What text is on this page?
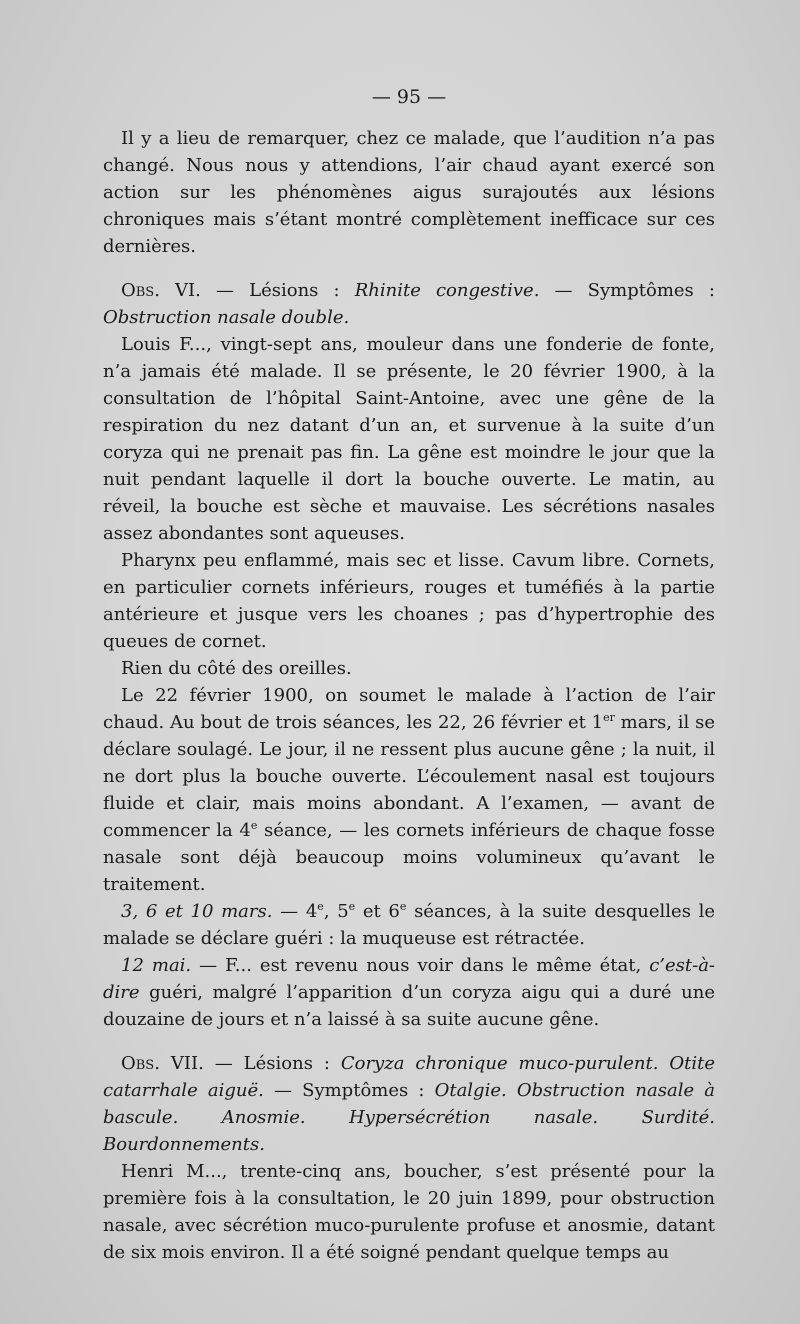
— 95 —

Il y a lieu de remarquer, chez ce malade, que l’audition n’a pas changé. Nous nous y attendions, l’air chaud ayant exercé son action sur les phénomènes aigus surajoutés aux lésions chroniques mais s’étant montré complètement inefficace sur ces dernières.

Obs. VI. — Lésions : Rhinite congestive. — Symptômes : Obstruction nasale double.

Louis F..., vingt-sept ans, mouleur dans une fonderie de fonte, n’a jamais été malade. Il se présente, le 20 février 1900, à la consultation de l’hôpital Saint-Antoine, avec une gêne de la respiration du nez datant d’un an, et survenue à la suite d’un coryza qui ne prenait pas fin. La gêne est moindre le jour que la nuit pendant laquelle il dort la bouche ouverte. Le matin, au réveil, la bouche est sèche et mauvaise. Les sécrétions nasales assez abondantes sont aqueuses.

Pharynx peu enflammé, mais sec et lisse. Cavum libre. Cornets, en particulier cornets inférieurs, rouges et tuméfiés à la partie antérieure et jusque vers les choanes ; pas d’hypertrophie des queues de cornet.

Rien du côté des oreilles.

Le 22 février 1900, on soumet le malade à l’action de l’air chaud. Au bout de trois séances, les 22, 26 février et 1er mars, il se déclare soulagé. Le jour, il ne ressent plus aucune gêne ; la nuit, il ne dort plus la bouche ouverte. L’écoulement nasal est toujours fluide et clair, mais moins abondant. A l’examen, — avant de commencer la 4e séance, — les cornets inférieurs de chaque fosse nasale sont déjà beaucoup moins volumineux qu’avant le traitement.

3, 6 et 10 mars. — 4e, 5e et 6e séances, à la suite desquelles le malade se déclare guéri : la muqueuse est rétractée.

12 mai. — F... est revenu nous voir dans le même état, c’est-à-dire guéri, malgré l’apparition d’un coryza aigu qui a duré une douzaine de jours et n’a laissé à sa suite aucune gêne.

Obs. VII. — Lésions : Coryza chronique muco-purulent. Otite catarrhale aiguë. — Symptômes : Otalgie. Obstruction nasale à bascule. Anosmie. Hypersécrétion nasale. Surdité. Bourdonnements.

Henri M..., trente-cinq ans, boucher, s’est présenté pour la première fois à la consultation, le 20 juin 1899, pour obstruction nasale, avec sécrétion muco-purulente profuse et anosmie, datant de six mois environ. Il a été soigné pendant quelque temps au
